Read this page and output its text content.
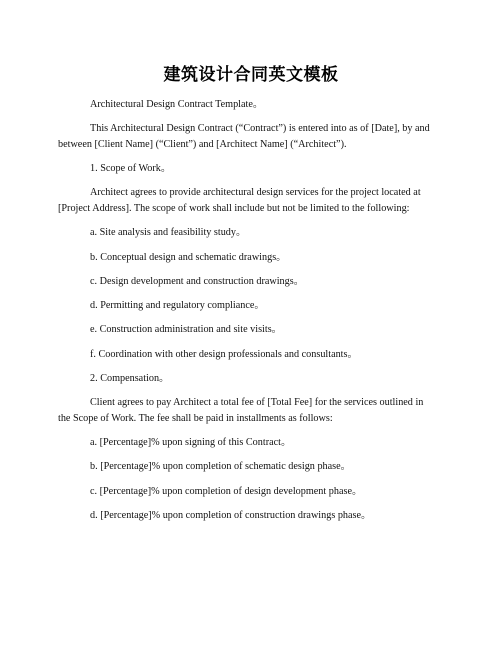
建筑设计合同英文模板

Architectural Design Contract Template。

This Architectural Design Contract (“Contract”) is entered into as of [Date], by and between [Client Name] (“Client”) and [Architect Name] (“Architect”).

1. Scope of Work。

Architect agrees to provide architectural design services for the project located at [Project Address]. The scope of work shall include but not be limited to the following:

a. Site analysis and feasibility study。

b. Conceptual design and schematic drawings。

c. Design development and construction drawings。

d. Permitting and regulatory compliance。

e. Construction administration and site visits。

f. Coordination with other design professionals and consultants。

2. Compensation。

Client agrees to pay Architect a total fee of [Total Fee] for the services outlined in the Scope of Work. The fee shall be paid in installments as follows:

a. [Percentage]% upon signing of this Contract。

b. [Percentage]% upon completion of schematic design phase。

c. [Percentage]% upon completion of design development phase。

d. [Percentage]% upon completion of construction drawings phase。
